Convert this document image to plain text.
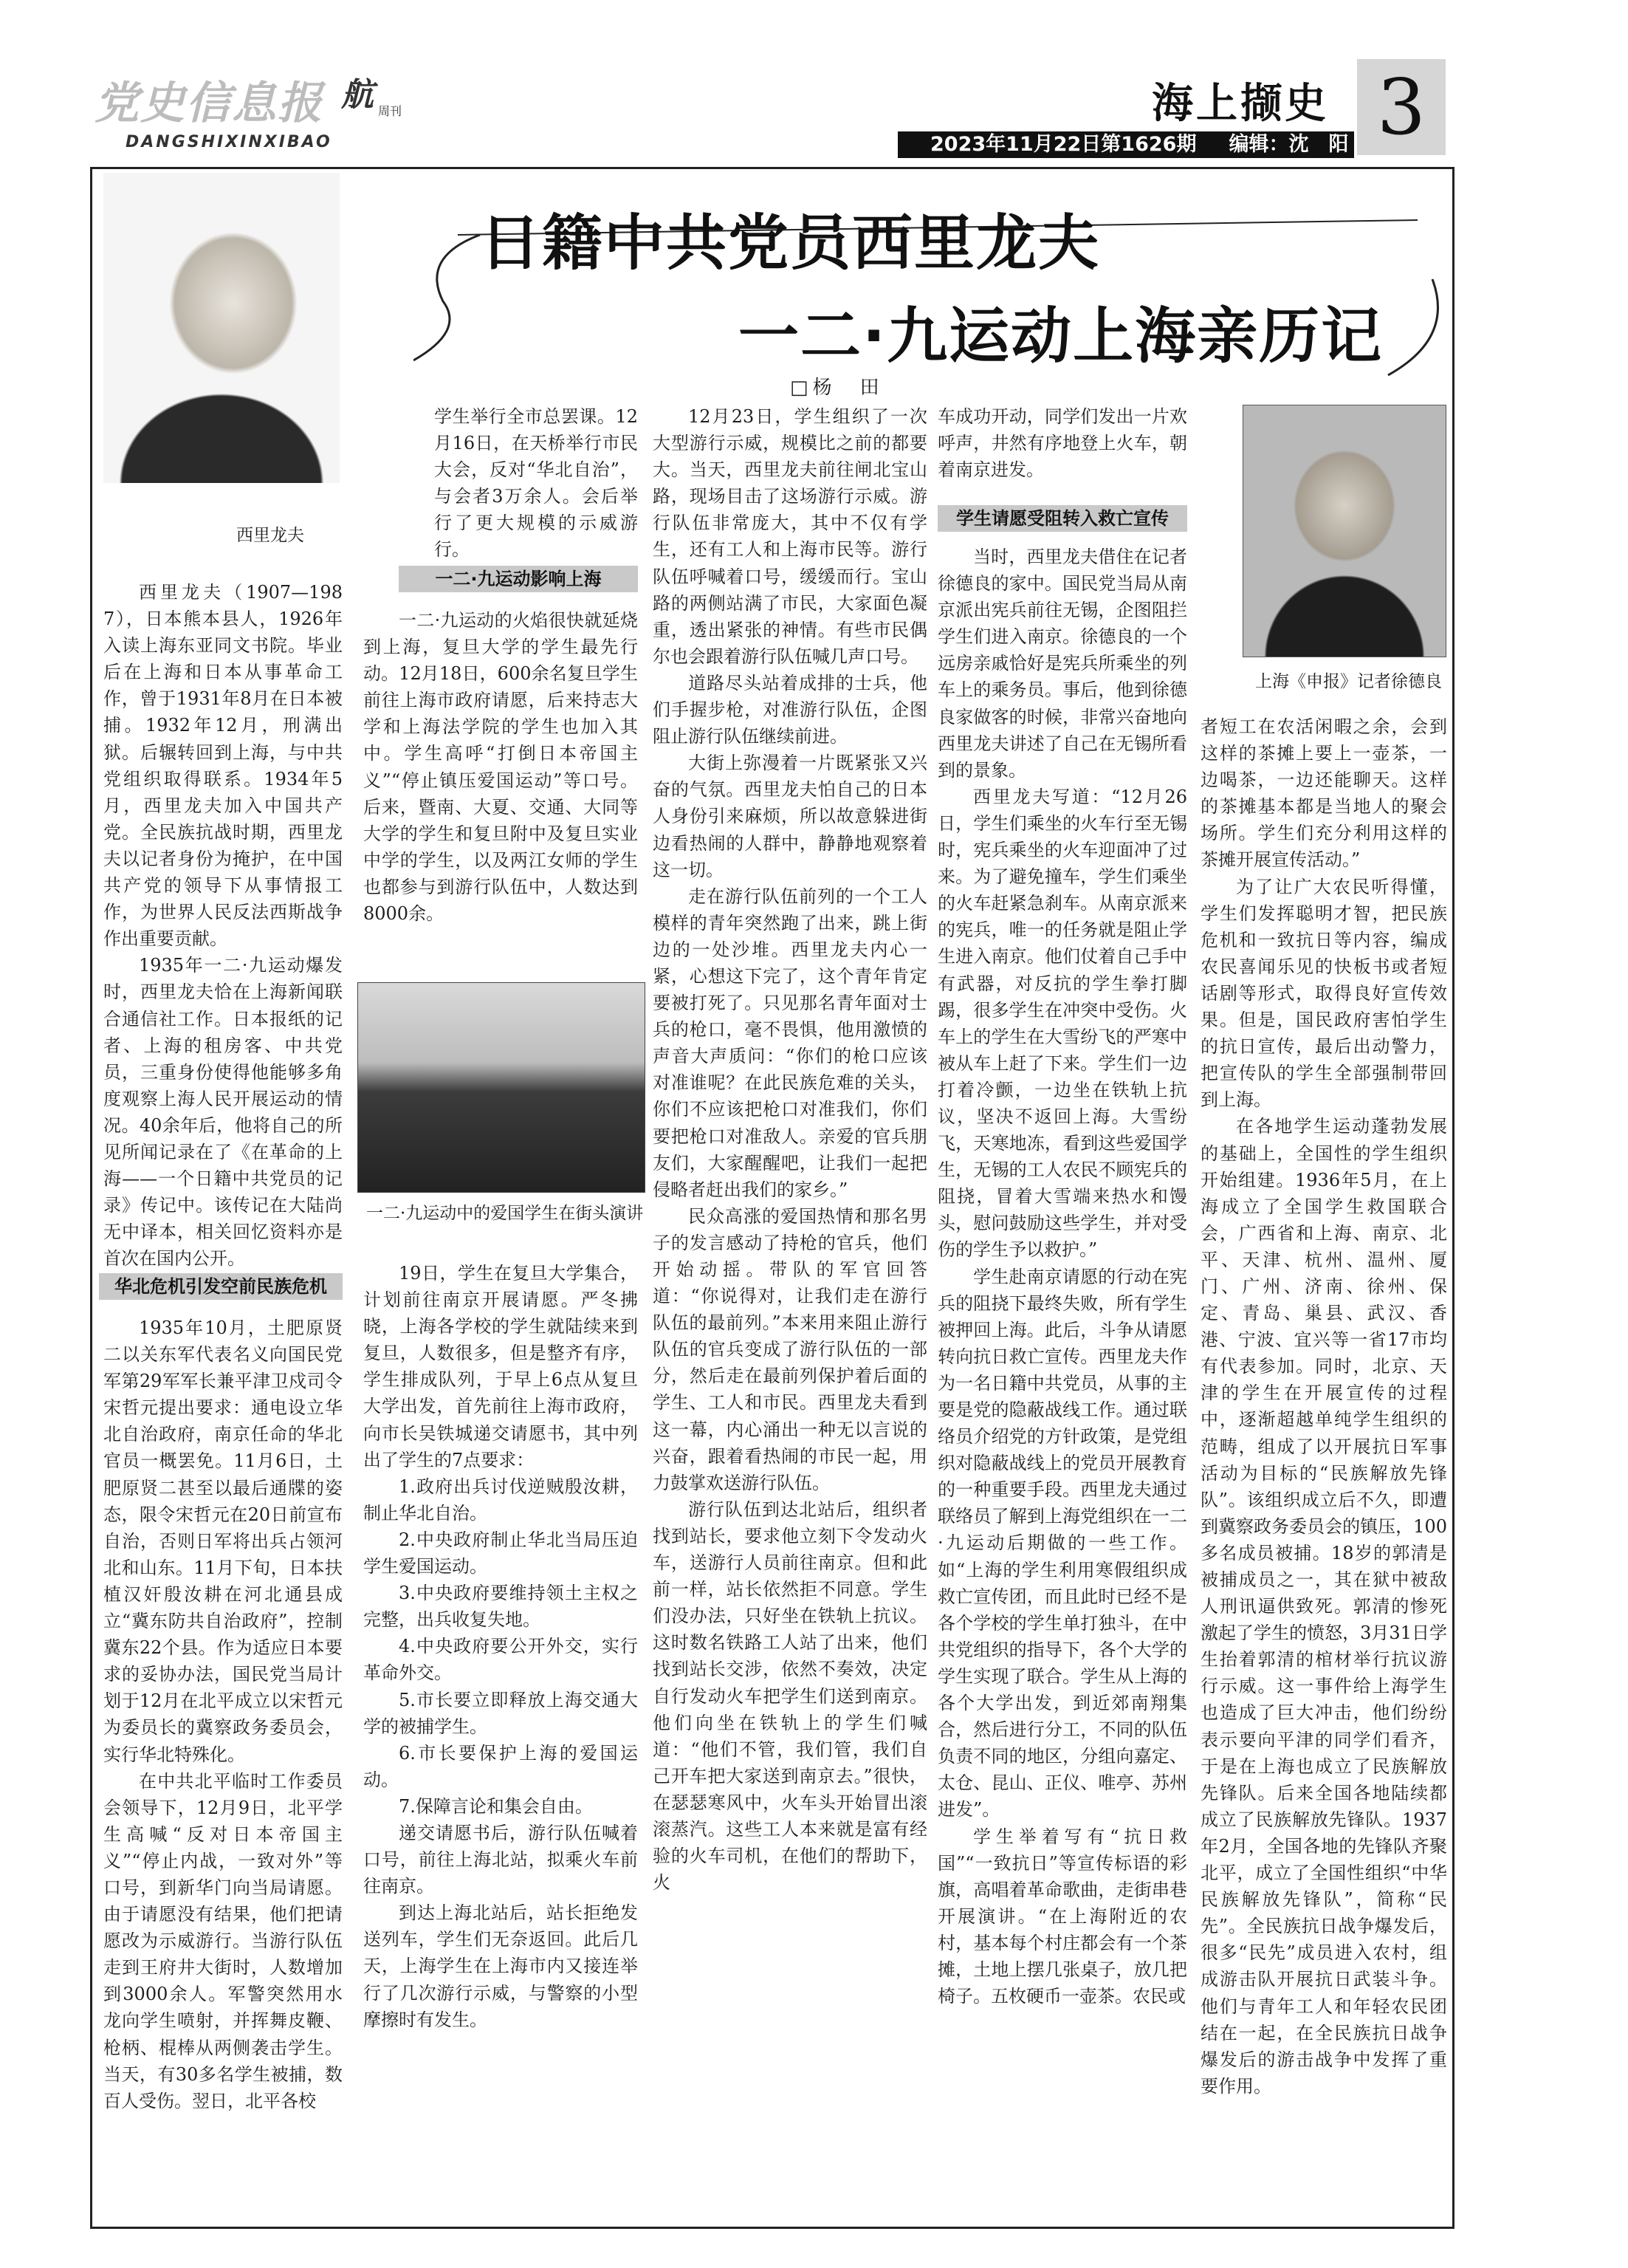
党史信息报 航 周刊
DANGSHIXINXIBAO
海上撷史 3
2023年11月22日第1626期 编辑：沈　阳
日籍中共党员西里龙夫
一二·九运动上海亲历记
□杨　田
西里龙夫
一二·九运动中的爱国学生在街头演讲
上海《申报》记者徐德良
华北危机引发空前民族危机
一二·九运动影响上海
学生请愿受阻转入救亡宣传

西里龙夫（1907—1987），日本熊本县人，1926年入读上海东亚同文书院。毕业后在上海和日本从事革命工作，曾于1931年8月在日本被捕。1932年12月，刑满出狱。后辗转回到上海，与中共党组织取得联系。1934年5月，西里龙夫加入中国共产党。全民族抗战时期，西里龙夫以记者身份为掩护，在中国共产党的领导下从事情报工作，为世界人民反法西斯战争作出重要贡献。

1935年一二·九运动爆发时，西里龙夫恰在上海新闻联合通信社工作。日本报纸的记者、上海的租房客、中共党员，三重身份使得他能够多角度观察上海人民开展运动的情况。40余年后，他将自己的所见所闻记录在了《在革命的上海——一个日籍中共党员的记录》传记中。该传记在大陆尚无中译本，相关回忆资料亦是首次在国内公开。

1935年10月，土肥原贤二以关东军代表名义向国民党军第29军军长兼平津卫戍司令宋哲元提出要求：通电设立华北自治政府，南京任命的华北官员一概罢免。11月6日，土肥原贤二甚至以最后通牒的姿态，限令宋哲元在20日前宣布自治，否则日军将出兵占领河北和山东。11月下旬，日本扶植汉奸殷汝耕在河北通县成立“冀东防共自治政府”，控制冀东22个县。作为适应日本要求的妥协办法，国民党当局计划于12月在北平成立以宋哲元为委员长的冀察政务委员会，实行华北特殊化。

在中共北平临时工作委员会领导下，12月9日，北平学生高喊“反对日本帝国主义”“停止内战，一致对外”等口号，到新华门向当局请愿。由于请愿没有结果，他们把请愿改为示威游行。当游行队伍走到王府井大街时，人数增加到3000余人。军警突然用水龙向学生喷射，并挥舞皮鞭、枪柄、棍棒从两侧袭击学生。当天，有30多名学生被捕，数百人受伤。翌日，北平各校

学生举行全市总罢课。12月16日，在天桥举行市民大会，反对“华北自治”，与会者3万余人。会后举行了更大规模的示威游行。

一二·九运动的火焰很快就延烧到上海，复旦大学的学生最先行动。12月18日，600余名复旦学生前往上海市政府请愿，后来持志大学和上海法学院的学生也加入其中。学生高呼“打倒日本帝国主义”“停止镇压爱国运动”等口号。后来，暨南、大夏、交通、大同等大学的学生和复旦附中及复旦实业中学的学生，以及两江女师的学生也都参与到游行队伍中，人数达到8000余。

19日，学生在复旦大学集合，计划前往南京开展请愿。严冬拂晓，上海各学校的学生就陆续来到复旦，人数很多，但是整齐有序，学生排成队列，于早上6点从复旦大学出发，首先前往上海市政府，向市长吴铁城递交请愿书，其中列出了学生的7点要求：

1.政府出兵讨伐逆贼殷汝耕，制止华北自治。

2.中央政府制止华北当局压迫学生爱国运动。

3.中央政府要维持领土主权之完整，出兵收复失地。

4.中央政府要公开外交，实行革命外交。

5.市长要立即释放上海交通大学的被捕学生。

6.市长要保护上海的爱国运动。

7.保障言论和集会自由。

递交请愿书后，游行队伍喊着口号，前往上海北站，拟乘火车前往南京。

到达上海北站后，站长拒绝发送列车，学生们无奈返回。此后几天，上海学生在上海市内又接连举行了几次游行示威，与警察的小型摩擦时有发生。

12月23日，学生组织了一次大型游行示威，规模比之前的都要大。当天，西里龙夫前往闸北宝山路，现场目击了这场游行示威。游行队伍非常庞大，其中不仅有学生，还有工人和上海市民等。游行队伍呼喊着口号，缓缓而行。宝山路的两侧站满了市民，大家面色凝重，透出紧张的神情。有些市民偶尔也会跟着游行队伍喊几声口号。

道路尽头站着成排的士兵，他们手握步枪，对准游行队伍，企图阻止游行队伍继续前进。

大街上弥漫着一片既紧张又兴奋的气氛。西里龙夫怕自己的日本人身份引来麻烦，所以故意躲进街边看热闹的人群中，静静地观察着这一切。

走在游行队伍前列的一个工人模样的青年突然跑了出来，跳上街边的一处沙堆。西里龙夫内心一紧，心想这下完了，这个青年肯定要被打死了。只见那名青年面对士兵的枪口，毫不畏惧，他用激愤的声音大声质问：“你们的枪口应该对准谁呢？在此民族危难的关头，你们不应该把枪口对准我们，你们要把枪口对准敌人。亲爱的官兵朋友们，大家醒醒吧，让我们一起把侵略者赶出我们的家乡。”

民众高涨的爱国热情和那名男子的发言感动了持枪的官兵，他们开始动摇。带队的军官回答道：“你说得对，让我们走在游行队伍的最前列。”本来用来阻止游行队伍的官兵变成了游行队伍的一部分，然后走在最前列保护着后面的学生、工人和市民。西里龙夫看到这一幕，内心涌出一种无以言说的兴奋，跟着看热闹的市民一起，用力鼓掌欢送游行队伍。

游行队伍到达北站后，组织者找到站长，要求他立刻下令发动火车，送游行人员前往南京。但和此前一样，站长依然拒不同意。学生们没办法，只好坐在铁轨上抗议。这时数名铁路工人站了出来，他们找到站长交涉，依然不奏效，决定自行发动火车把学生们送到南京。他们向坐在铁轨上的学生们喊道：“他们不管，我们管，我们自己开车把大家送到南京去。”很快，在瑟瑟寒风中，火车头开始冒出滚滚蒸汽。这些工人本来就是富有经验的火车司机，在他们的帮助下，火

车成功开动，同学们发出一片欢呼声，井然有序地登上火车，朝着南京进发。

当时，西里龙夫借住在记者徐德良的家中。国民党当局从南京派出宪兵前往无锡，企图阻拦学生们进入南京。徐德良的一个远房亲戚恰好是宪兵所乘坐的列车上的乘务员。事后，他到徐德良家做客的时候，非常兴奋地向西里龙夫讲述了自己在无锡所看到的景象。

西里龙夫写道：“12月26日，学生们乘坐的火车行至无锡时，宪兵乘坐的火车迎面冲了过来。为了避免撞车，学生们乘坐的火车赶紧急刹车。从南京派来的宪兵，唯一的任务就是阻止学生进入南京。他们仗着自己手中有武器，对反抗的学生拳打脚踢，很多学生在冲突中受伤。火车上的学生在大雪纷飞的严寒中被从车上赶了下来。学生们一边打着冷颤，一边坐在铁轨上抗议，坚决不返回上海。大雪纷飞，天寒地冻，看到这些爱国学生，无锡的工人农民不顾宪兵的阻挠，冒着大雪端来热水和馒头，慰问鼓励这些学生，并对受伤的学生予以救护。”

学生赴南京请愿的行动在宪兵的阻挠下最终失败，所有学生被押回上海。此后，斗争从请愿转向抗日救亡宣传。西里龙夫作为一名日籍中共党员，从事的主要是党的隐蔽战线工作。通过联络员介绍党的方针政策，是党组织对隐蔽战线上的党员开展教育的一种重要手段。西里龙夫通过联络员了解到上海党组织在一二·九运动后期做的一些工作。如“上海的学生利用寒假组织成救亡宣传团，而且此时已经不是各个学校的学生单打独斗，在中共党组织的指导下，各个大学的学生实现了联合。学生从上海的各个大学出发，到近郊南翔集合，然后进行分工，不同的队伍负责不同的地区，分组向嘉定、太仓、昆山、正仪、唯亭、苏州进发”。

学生举着写有“抗日救国”“一致抗日”等宣传标语的彩旗，高唱着革命歌曲，走街串巷开展演讲。“在上海附近的农村，基本每个村庄都会有一个茶摊，土地上摆几张桌子，放几把椅子。五枚硬币一壶茶。农民或

者短工在农活闲暇之余，会到这样的茶摊上要上一壶茶，一边喝茶，一边还能聊天。这样的茶摊基本都是当地人的聚会场所。学生们充分利用这样的茶摊开展宣传活动。”

为了让广大农民听得懂，学生们发挥聪明才智，把民族危机和一致抗日等内容，编成农民喜闻乐见的快板书或者短话剧等形式，取得良好宣传效果。但是，国民政府害怕学生的抗日宣传，最后出动警力，把宣传队的学生全部强制带回到上海。

在各地学生运动蓬勃发展的基础上，全国性的学生组织开始组建。1936年5月，在上海成立了全国学生救国联合会，广西省和上海、南京、北平、天津、杭州、温州、厦门、广州、济南、徐州、保定、青岛、巢县、武汉、香港、宁波、宜兴等一省17市均有代表参加。同时，北京、天津的学生在开展宣传的过程中，逐渐超越单纯学生组织的范畴，组成了以开展抗日军事活动为目标的“民族解放先锋队”。该组织成立后不久，即遭到冀察政务委员会的镇压，100多名成员被捕。18岁的郭清是被捕成员之一，其在狱中被敌人刑讯逼供致死。郭清的惨死激起了学生的愤怒，3月31日学生抬着郭清的棺材举行抗议游行示威。这一事件给上海学生也造成了巨大冲击，他们纷纷表示要向平津的同学们看齐，于是在上海也成立了民族解放先锋队。后来全国各地陆续都成立了民族解放先锋队。1937年2月，全国各地的先锋队齐聚北平，成立了全国性组织“中华民族解放先锋队”，简称“民先”。全民族抗日战争爆发后，很多“民先”成员进入农村，组成游击队开展抗日武装斗争。他们与青年工人和年轻农民团结在一起，在全民族抗日战争爆发后的游击战争中发挥了重要作用。
